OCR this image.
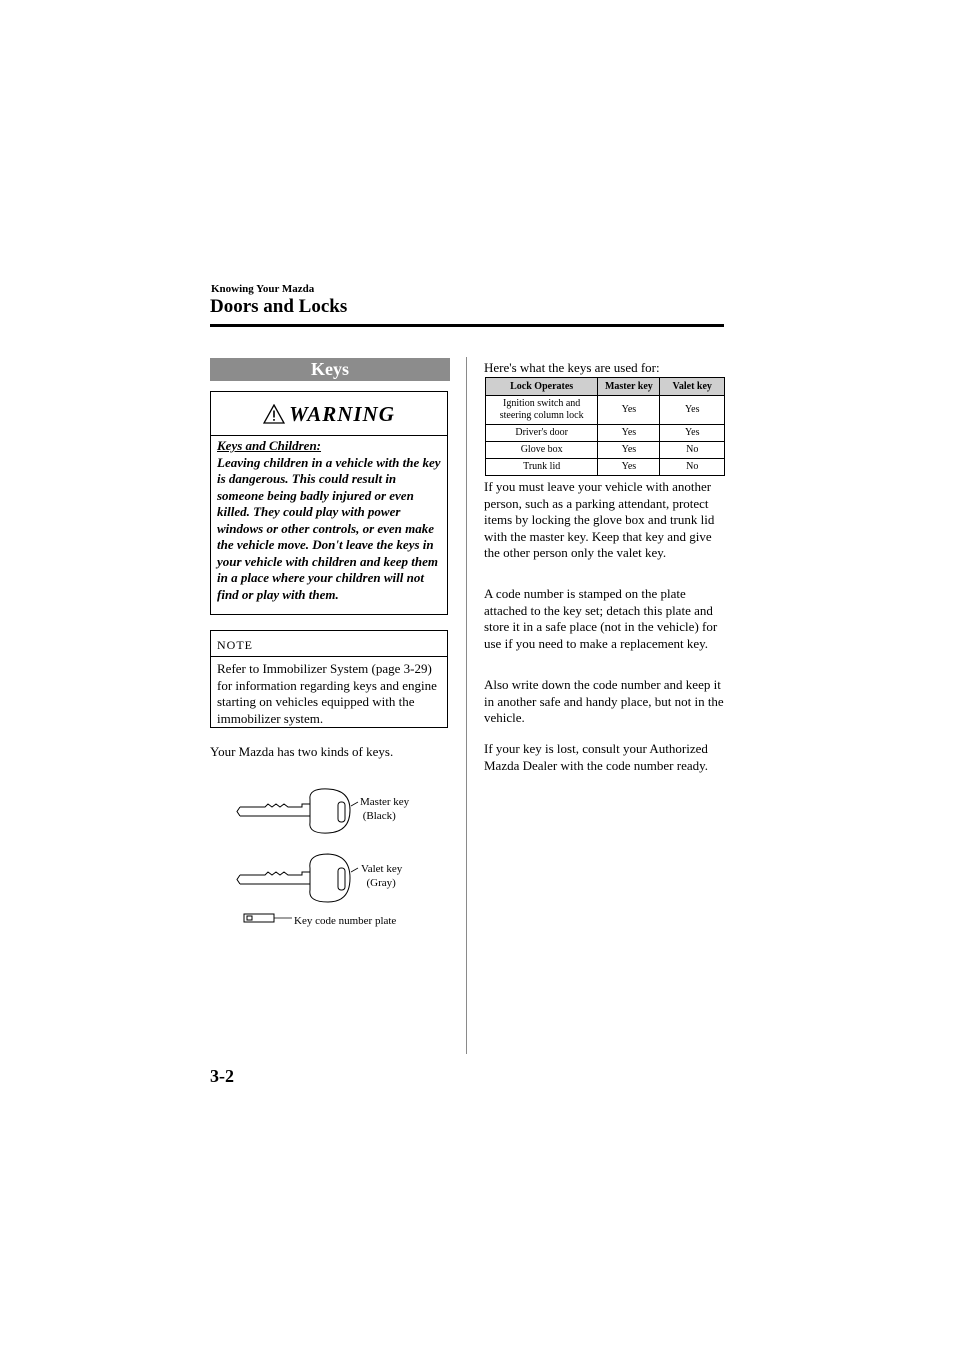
Knowing Your Mazda
Doors and Locks
Keys
WARNING
Keys and Children:
Leaving children in a vehicle with the key is dangerous. This could result in someone being badly injured or even killed. They could play with power windows or other controls, or even make the vehicle move. Don't leave the keys in your vehicle with children and keep them in a place where your children will not find or play with them.
NOTE
Refer to Immobilizer System (page 3-29) for information regarding keys and engine starting on vehicles equipped with the immobilizer system.
Your Mazda has two kinds of keys.
Master key
(Black)
Valet key
(Gray)
Key code number plate
Here's what the keys are used for:
Lock Operates	Master key	Valet key
Ignition switch and steering column lock	Yes	Yes
Driver's door	Yes	Yes
Glove box	Yes	No
Trunk lid	Yes	No
If you must leave your vehicle with another person, such as a parking attendant, protect items by locking the glove box and trunk lid with the master key. Keep that key and give the other person only the valet key.
A code number is stamped on the plate attached to the key set; detach this plate and store it in a safe place (not in the vehicle) for use if you need to make a replacement key.
Also write down the code number and keep it in another safe and handy place, but not in the vehicle.
If your key is lost, consult your Authorized Mazda Dealer with the code number ready.
3-2
